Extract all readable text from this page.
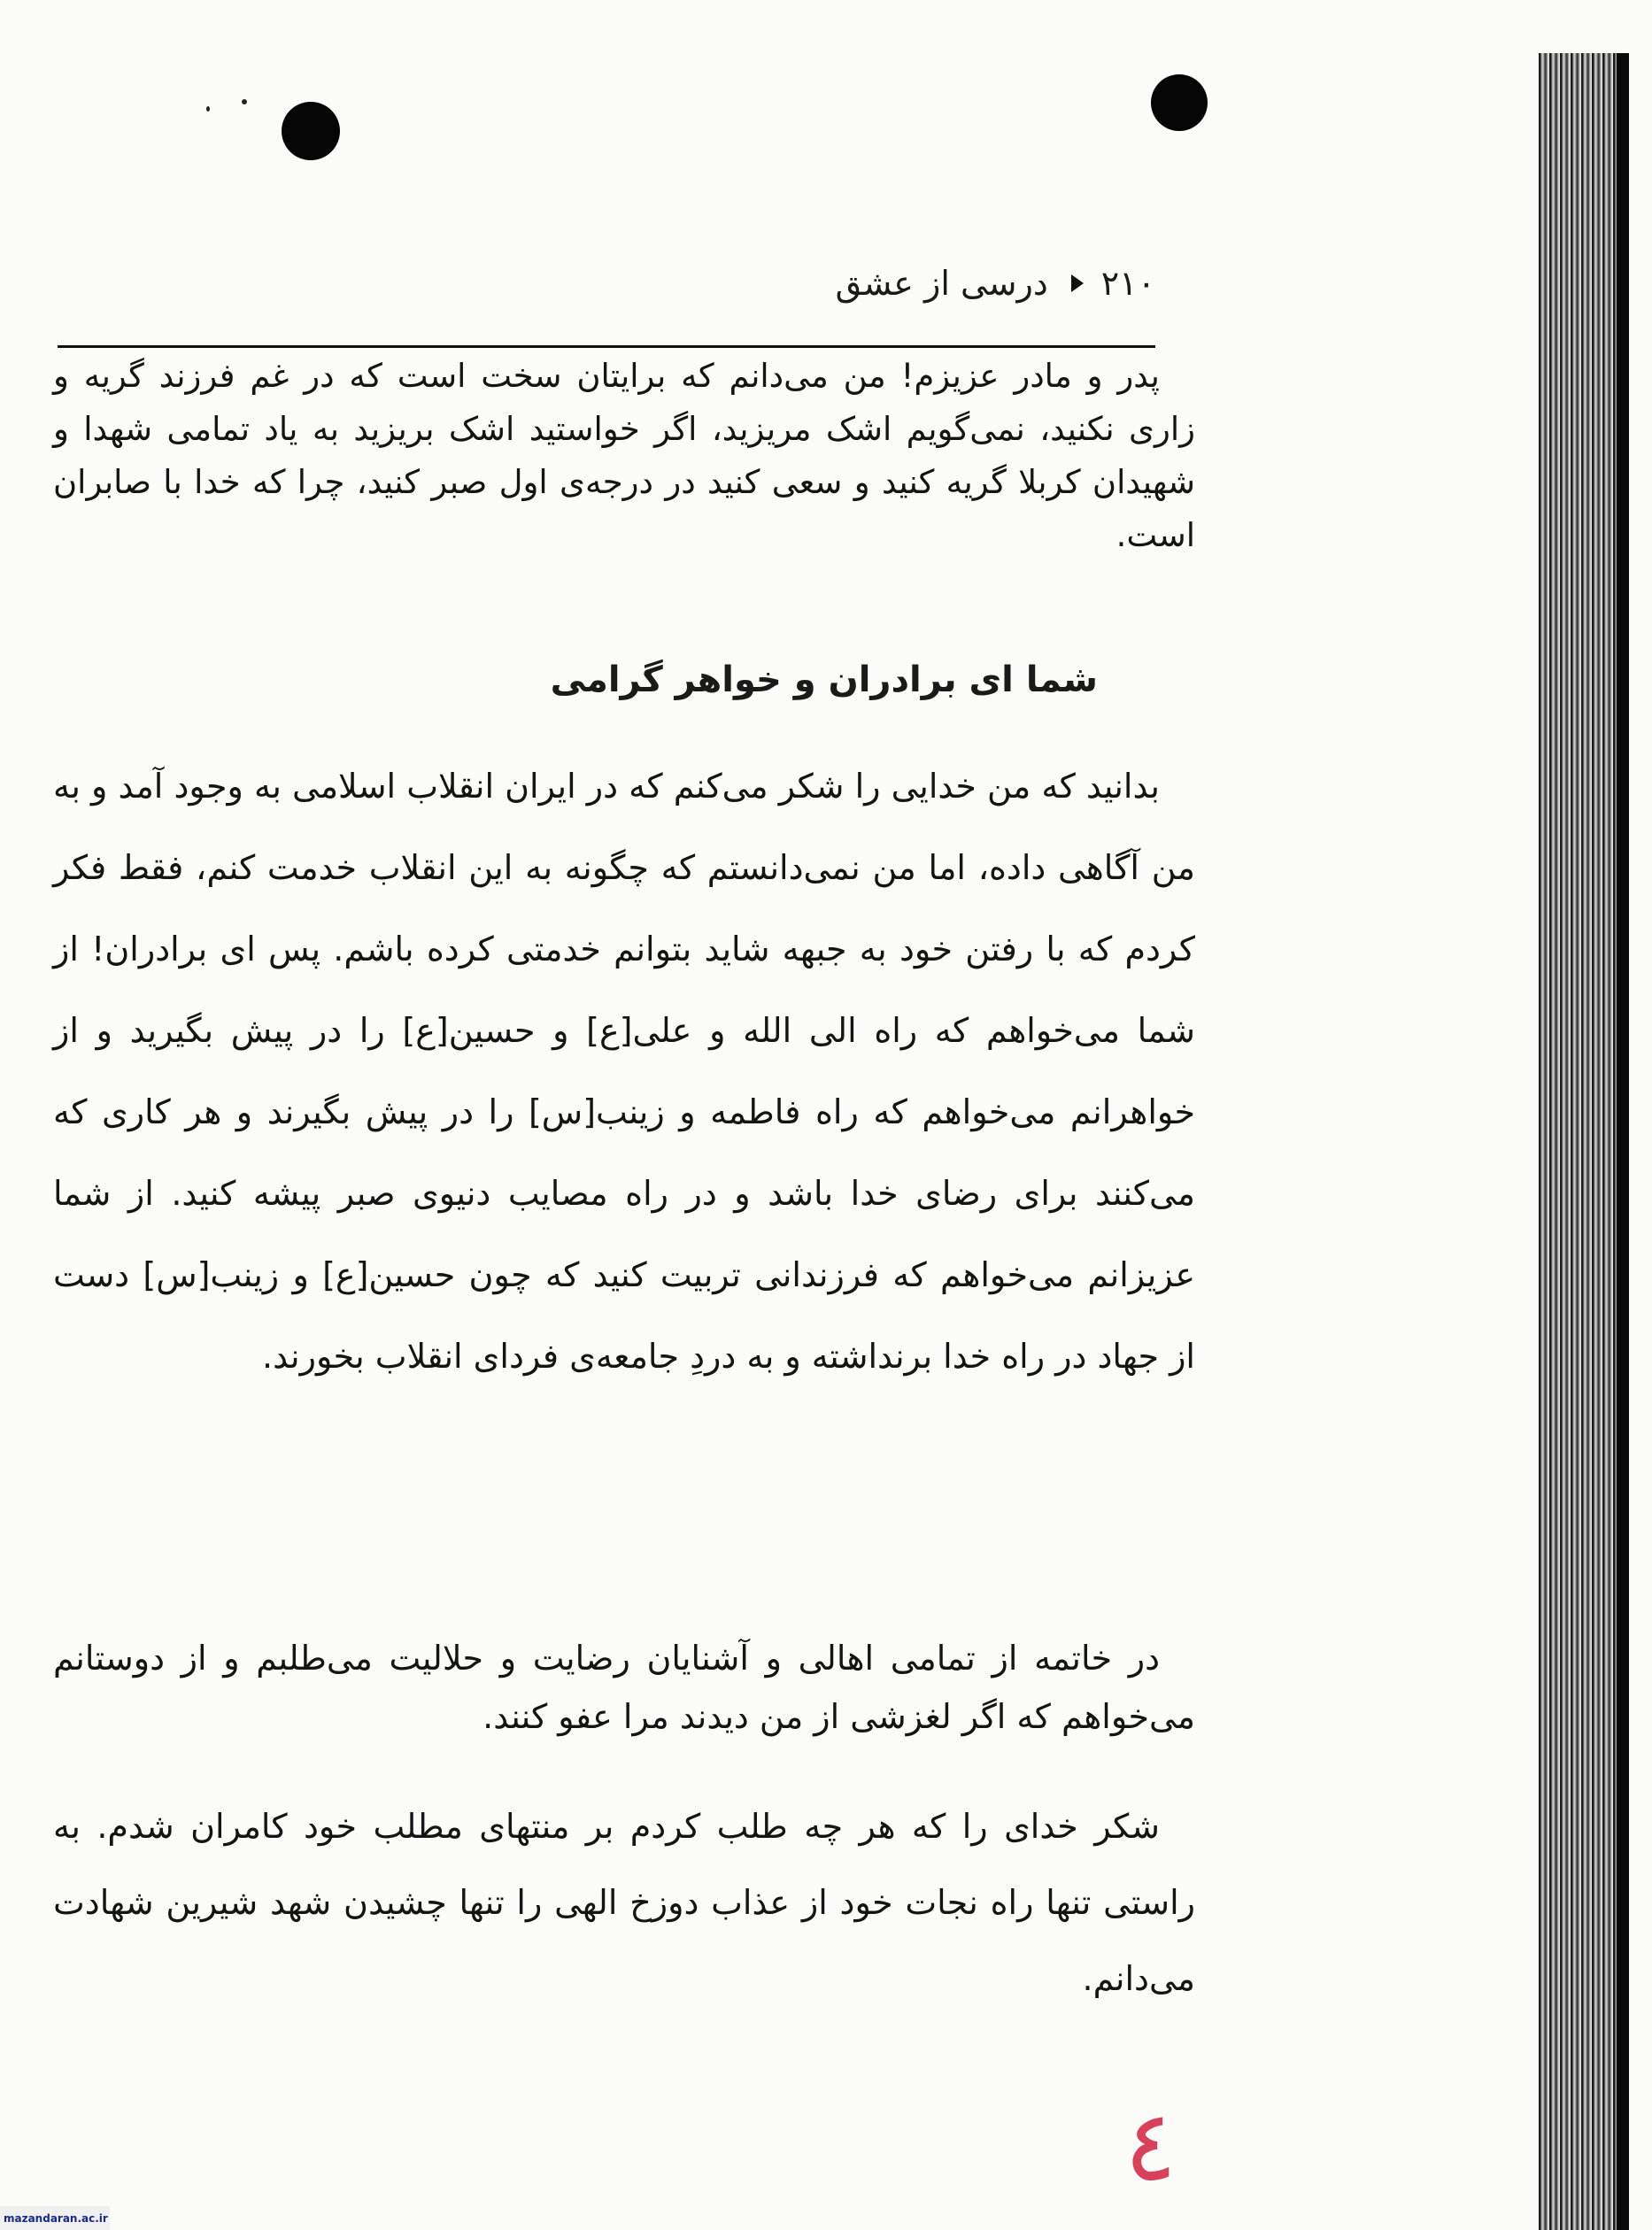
۲۱۰
درسی از عشق
پدر و مادر عزیزم! من می‌دانم که برایتان سخت است که در غم فرزند گریه و زاری نکنید، نمی‌گویم اشک مریزید، اگر خواستید اشک بریزید به یاد تمامی شهدا و شهیدان کربلا گریه کنید و سعی کنید در درجه‌ی اول صبر کنید، چرا که خدا با صابران است.
شما ای برادران و خواهر گرامی
بدانید که من خدایی را شکر می‌کنم که در ایران انقلاب اسلامی به وجود آمد و به من آگاهی داده، اما من نمی‌دانستم که چگونه به این انقلاب خدمت کنم، فقط فکر کردم که با رفتن خود به جبهه شاید بتوانم خدمتی کرده باشم. پس ای برادران! از شما می‌خواهم که راه الی الله و علی[ع] و حسین[ع] را در پیش بگیرید و از خواهرانم می‌خواهم که راه فاطمه و زینب[س] را در پیش بگیرند و هر کاری که می‌کنند برای رضای خدا باشد و در راه مصایب دنیوی صبر پیشه کنید. از شما عزیزانم می‌خواهم که فرزندانی تربیت کنید که چون حسین[ع] و زینب[س] دست از جهاد در راه خدا برنداشته و به دردِ جامعه‌ی فردای انقلاب بخورند.
در خاتمه از تمامی اهالی و آشنایان رضایت و حلالیت می‌طلبم و از دوستانم می‌خواهم که اگر لغزشی از من دیدند مرا عفو کنند.
شکر خدای را که هر چه طلب کردم بر منتهای مطلب خود کامران شدم. به راستی تنها راه نجات خود از عذاب دوزخ الهی را تنها چشیدن شهد شیرین شهادت می‌دانم.
٤
mazandaran.ac.ir
